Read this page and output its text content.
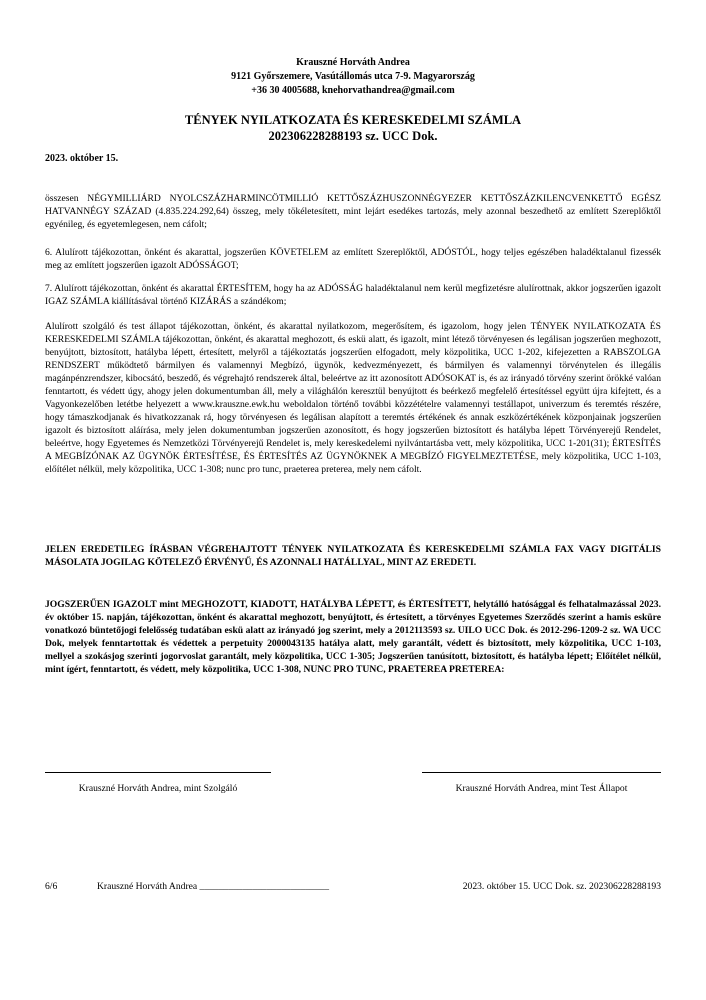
Krauszné Horváth Andrea
9121 Győrszemere, Vasútállomás utca 7-9. Magyarország
+36 30 4005688, knehorvathandrea@gmail.com
TÉNYEK NYILATKOZATA ÉS KERESKEDELMI SZÁMLA
202306228288193 sz. UCC Dok.
2023. október 15.
összesen NÉGYMILLIÁRD NYOLCSZÁZHARMINCÖTMILLIÓ KETTŐSZÁZHUSZONNÉGYEZER KETTŐSZÁZKILENCVENKETTŐ EGÉSZ HATVANNÉGY SZÁZAD (4.835.224.292,64) összeg, mely tökéletesített, mint lejárt esedékes tartozás, mely azonnal beszedhető az említett Szereplőktől egyénileg, és egyetemlegesen, nem cáfolt;
6. Alulírott tájékozottan, önként és akarattal, jogszerűen KÖVETELEM az említett Szereplőktől, ADÓSTÓL, hogy teljes egészében haladéktalanul fizessék meg az említett jogszerűen igazolt ADÓSSÁGOT;
7. Alulírott tájékozottan, önként és akarattal ÉRTESÍTEM, hogy ha az ADÓSSÁG haladéktalanul nem kerül megfizetésre alulírottnak, akkor jogszerűen igazolt IGAZ SZÁMLA kiállításával történő KIZÁRÁS a szándékom;
Alulírott szolgáló és test állapot tájékozottan, önként, és akarattal nyilatkozom, megerősítem, és igazolom, hogy jelen TÉNYEK NYILATKOZATA ÉS KERESKEDELMI SZÁMLA tájékozottan, önként, és akarattal meghozott, és eskü alatt, és igazolt, mint létező törvényesen és legálisan jogszerűen meghozott, benyújtott, biztosított, hatályba lépett, értesített, melyről a tájékoztatás jogszerűen elfogadott, mely közpolitika, UCC 1-202, kifejezetten a RABSZOLGA RENDSZERT működtető bármilyen és valamennyi Megbízó, ügynök, kedvezményezett, és bármilyen és valamennyi törvénytelen és illegális magánpénzrendszer, kibocsátó, beszedő, és végrehajtó rendszerek által, beleértve az itt azonosított ADÓSOKAT is, és az irányadó törvény szerint örökké valóan fenntartott, és védett úgy, ahogy jelen dokumentumban áll, mely a világhálón keresztül benyújtott és beérkező megfelelő értesítéssel együtt újra kifejtett, és a Vagyonkezelőben letétbe helyezett a www.krauszne.ewk.hu weboldalon történő további közzétételre valamennyi testállapot, univerzum és teremtés részére, hogy támaszkodjanak és hivatkozzanak rá, hogy törvényesen és legálisan alapított a teremtés értékének és annak eszközértékének közponjainak jogszerűen igazolt és biztosított aláírása, mely jelen dokumentumban jogszerűen azonosított, és hogy jogszerűen biztosított és hatályba lépett Törvényerejű Rendelet, beleértve, hogy Egyetemes és Nemzetközi Törvényerejű Rendelet is, mely kereskedelemi nyilvántartásba vett, mely közpolitika, UCC 1-201(31); ÉRTESÍTÉS A MEGBÍZÓNAK AZ ÜGYNÖK ÉRTESÍTÉSE, ÉS ÉRTESÍTÉS AZ ÜGYNÖKNEK A MEGBÍZÓ FIGYELMEZTETÉSE, mely közpolitika, UCC 1-103, előítélet nélkül, mely közpolitika, UCC 1-308; nunc pro tunc, praeterea preterea, mely nem cáfolt.
JELEN EREDETILEG ÍRÁSBAN VÉGREHAJTOTT TÉNYEK NYILATKOZATA ÉS KERESKEDELMI SZÁMLA FAX VAGY DIGITÁLIS MÁSOLATA JOGILAG KÖTELEZŐ ÉRVÉNYŰ, ÉS AZONNALI HATÁLLYAL, MINT AZ EREDETI.
JOGSZERŰEN IGAZOLT mint MEGHOZOTT, KIADOTT, HATÁLYBA LÉPETT, és ÉRTESÍTETT, helytálló hatósággal és felhatalmazással 2023. év október 15. napján, tájékozottan, önként és akarattal meghozott, benyújtott, és értesített, a törvényes Egyetemes Szerződés szerint a hamis esküre vonatkozó büntetőjogi felelősség tudatában eskü alatt az irányadó jog szerint, mely a 2012113593 sz. UILO UCC Dok. és 2012-296-1209-2 sz. WA UCC Dok, melyek fenntartottak és védettek a perpetuity 2000043135 hatálya alatt, mely garantált, védett és biztosított, mely közpolitika, UCC 1-103, mellyel a szokásjog szerinti jogorvoslat garantált, mely közpolitika, UCC 1-305; Jogszerűen tanúsított, biztosított, és hatályba lépett; Előítélet nélkül, mint ígért, fenntartott, és védett, mely közpolitika, UCC 1-308, NUNC PRO TUNC, PRAETEREA PRETEREA:
Krauszné Horváth Andrea, mint Szolgáló	Krauszné Horváth Andrea, mint Test Állapot
6/6	Krauszné Horváth Andrea ___________________________	2023. október 15. UCC Dok. sz. 202306228288193
